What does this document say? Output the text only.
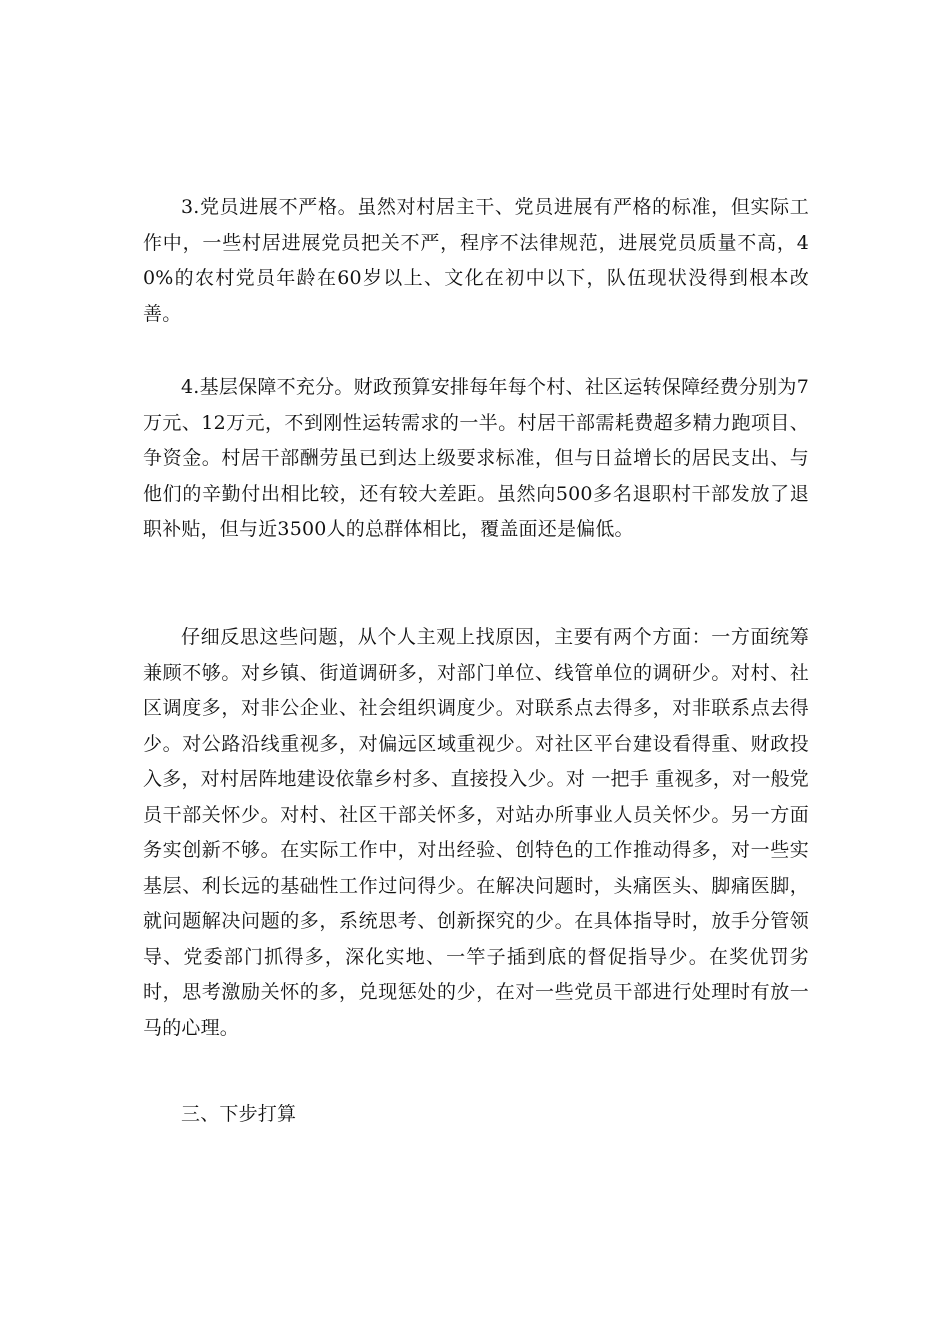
3.党员进展不严格。虽然对村居主干、党员进展有严格的标准，但实际工作中，一些村居进展党员把关不严，程序不法律规范，进展党员质量不高，40%的农村党员年龄在60岁以上、文化在初中以下，队伍现状没得到根本改善。

4.基层保障不充分。财政预算安排每年每个村、社区运转保障经费分别为7万元、12万元，不到刚性运转需求的一半。村居干部需耗费超多精力跑项目、争资金。村居干部酬劳虽已到达上级要求标准，但与日益增长的居民支出、与他们的辛勤付出相比较，还有较大差距。虽然向500多名退职村干部发放了退职补贴，但与近3500人的总群体相比，覆盖面还是偏低。

仔细反思这些问题，从个人主观上找原因，主要有两个方面：一方面统筹兼顾不够。对乡镇、街道调研多，对部门单位、线管单位的调研少。对村、社区调度多，对非公企业、社会组织调度少。对联系点去得多，对非联系点去得少。对公路沿线重视多，对偏远区域重视少。对社区平台建设看得重、财政投入多，对村居阵地建设依靠乡村多、直接投入少。对 一把手 重视多，对一般党员干部关怀少。对村、社区干部关怀多，对站办所事业人员关怀少。另一方面务实创新不够。在实际工作中，对出经验、创特色的工作推动得多，对一些实基层、利长远的基础性工作过问得少。在解决问题时，头痛医头、脚痛医脚，就问题解决问题的多，系统思考、创新探究的少。在具体指导时，放手分管领导、党委部门抓得多，深化实地、一竿子插到底的督促指导少。在奖优罚劣时，思考激励关怀的多，兑现惩处的少，在对一些党员干部进行处理时有放一马的心理。

三、下步打算
